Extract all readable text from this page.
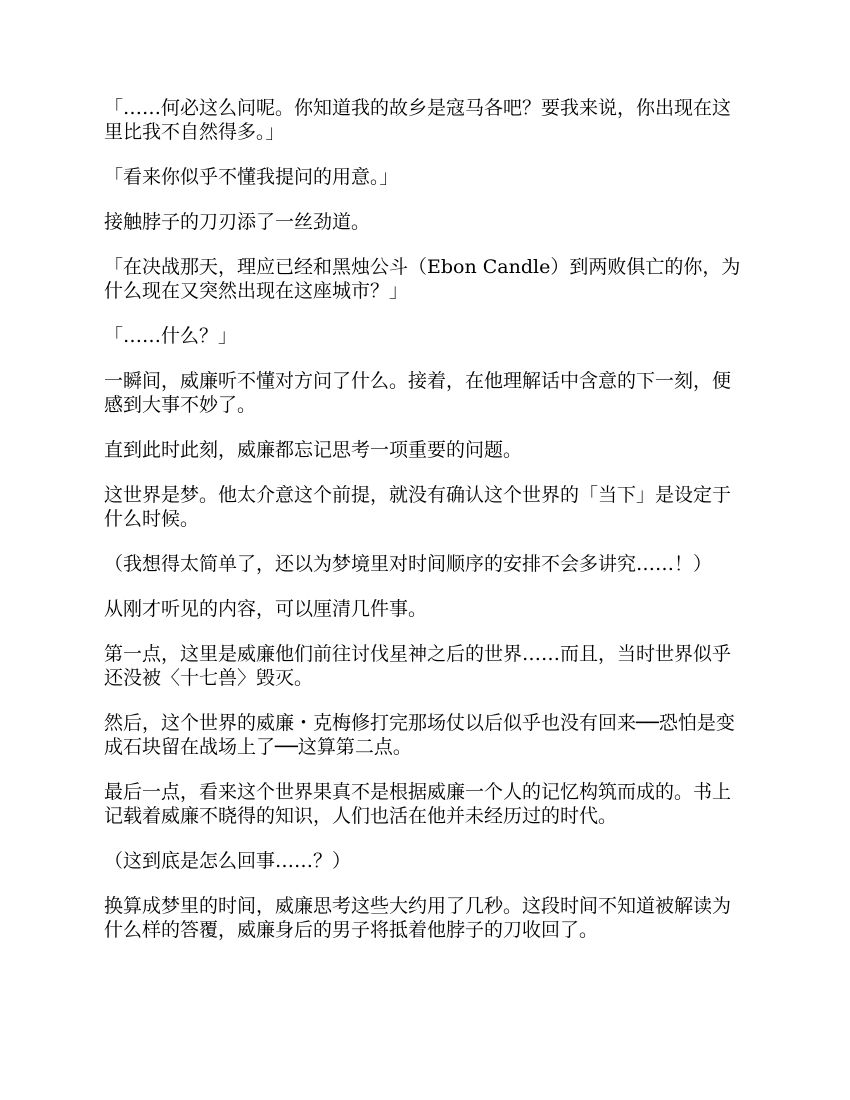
「……何必这么问呢。你知道我的故乡是寇马各吧？要我来说，你出现在这里比我不自然得多。」

「看来你似乎不懂我提问的用意。」

接触脖子的刀刃添了一丝劲道。

「在决战那天，理应已经和黑烛公斗（Ebon Candle）到两败俱亡的你，为什么现在又突然出现在这座城市？」

「……什么？」

一瞬间，威廉听不懂对方问了什么。接着，在他理解话中含意的下一刻，便感到大事不妙了。

直到此时此刻，威廉都忘记思考一项重要的问题。

这世界是梦。他太介意这个前提，就没有确认这个世界的「当下」是设定于什么时候。

（我想得太简单了，还以为梦境里对时间顺序的安排不会多讲究……！）

从刚才听见的内容，可以厘清几件事。

第一点，这里是威廉他们前往讨伐星神之后的世界……而且，当时世界似乎还没被〈十七兽〉毁灭。

然后，这个世界的威廉・克梅修打完那场仗以后似乎也没有回来──恐怕是变成石块留在战场上了──这算第二点。

最后一点，看来这个世界果真不是根据威廉一个人的记忆构筑而成的。书上记载着威廉不晓得的知识，人们也活在他并未经历过的时代。

（这到底是怎么回事……？）

换算成梦里的时间，威廉思考这些大约用了几秒。这段时间不知道被解读为什么样的答覆，威廉身后的男子将抵着他脖子的刀收回了。
